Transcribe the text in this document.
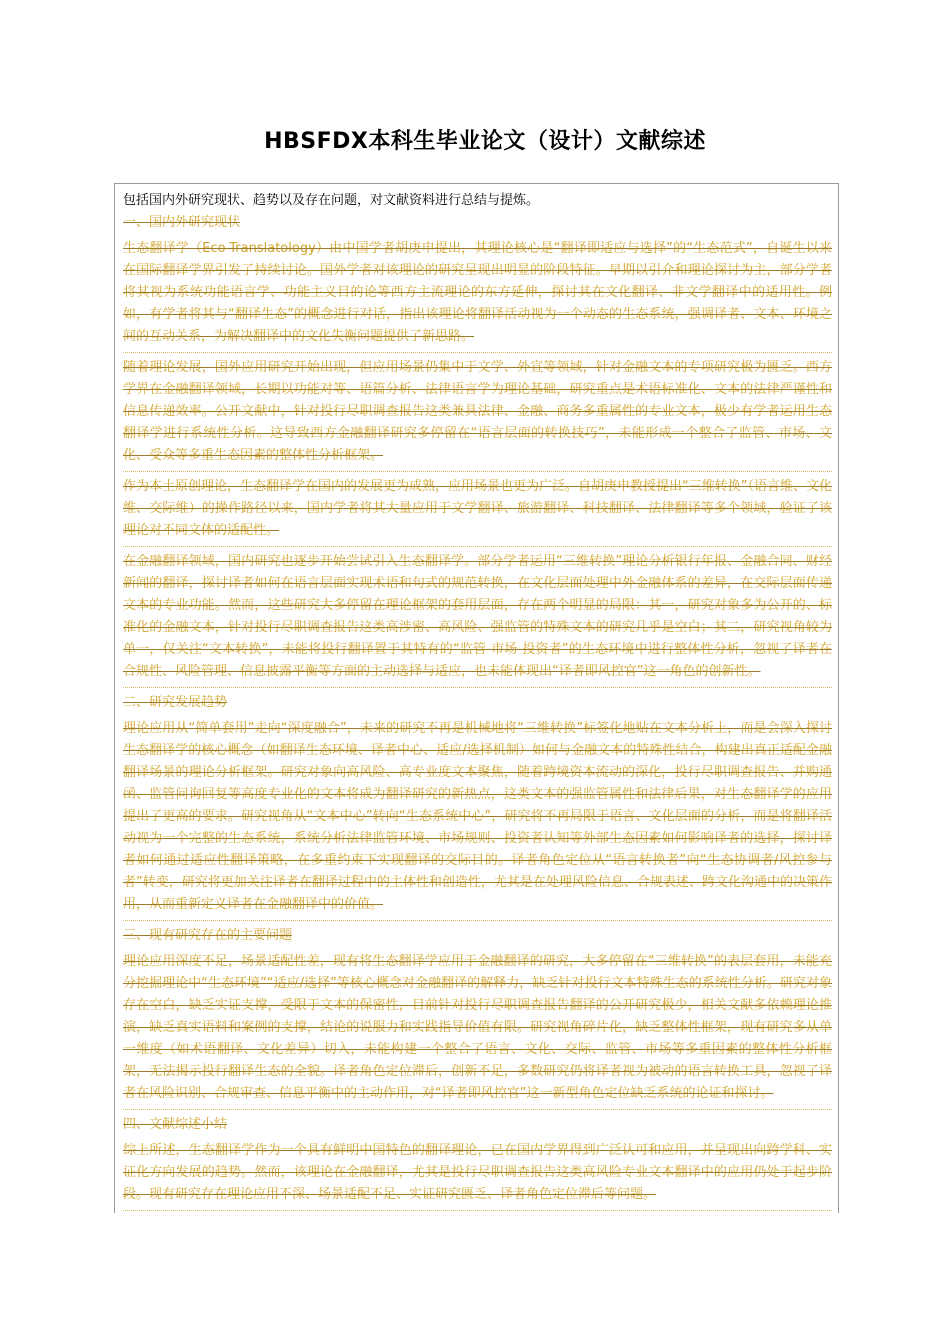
HBSFDX本科生毕业论文（设计）文献综述
包括国内外研究现状、趋势以及存在问题，对文献资料进行总结与提炼。
一、国内外研究现状

生态翻译学（Eco-Translatology）由中国学者胡庚申提出，其理论核心是“翻译即适应与选择”的“生态范式”，自诞生以来在国际翻译学界引发了持续讨论。国外学者对该理论的研究呈现出明显的阶段特征。早期以引介和理论探讨为主，部分学者将其视为系统功能语言学、功能主义目的论等西方主流理论的东方延伸，探讨其在文化翻译、非文学翻译中的适用性。例如，有学者将其与“翻译生态”的概念进行对话，指出该理论将翻译活动视为一个动态的生态系统，强调译者、文本、环境之间的互动关系，为解决翻译中的文化失衡问题提供了新思路。

随着理论发展，国外应用研究开始出现，但应用场景仍集中于文学、外宣等领域，针对金融文本的专项研究极为匮乏。西方学界在金融翻译领域，长期以功能对等、语篇分析、法律语言学为理论基础，研究重点是术语标准化、文本的法律严谨性和信息传递效率。公开文献中，针对投行尽职调查报告这类兼具法律、金融、商务多重属性的专业文本，极少有学者运用生态翻译学进行系统性分析。这导致西方金融翻译研究多停留在“语言层面的转换技巧”，未能形成一个整合了监管、市场、文化、受众等多重生态因素的整体性分析框架。

作为本土原创理论，生态翻译学在国内的发展更为成熟，应用场景也更为广泛。自胡庚申教授提出“三维转换”（语言维、文化维、交际维）的操作路径以来，国内学者将其大量应用于文学翻译、旅游翻译、科技翻译、法律翻译等多个领域，验证了该理论对不同文体的适配性。

在金融翻译领域，国内研究也逐步开始尝试引入生态翻译学。部分学者运用“三维转换”理论分析银行年报、金融合同、财经新闻的翻译，探讨译者如何在语言层面实现术语和句式的规范转换，在文化层面处理中外金融体系的差异，在交际层面传递文本的专业功能。然而，这些研究大多停留在理论框架的套用层面，存在两个明显的局限：其一，研究对象多为公开的、标准化的金融文本，针对投行尽职调查报告这类高涉密、高风险、强监管的特殊文本的研究几乎是空白；其二，研究视角较为单一，仅关注“文本转换”，未能将投行翻译置于其特有的“监管-市场-投资者”的生态环境中进行整体性分析，忽视了译者在合规性、风险管理、信息披露平衡等方面的主动选择与适应，也未能体现出“译者即风控官”这一角色的创新性。

二、研究发展趋势

理论应用从“简单套用”走向“深度融合”，未来的研究不再是机械地将“三维转换”标签化地贴在文本分析上，而是会深入探讨生态翻译学的核心概念（如翻译生态环境、译者中心、适应/选择机制）如何与金融文本的特殊性结合，构建出真正适配金融翻译场景的理论分析框架。研究对象向高风险、高专业度文本聚焦，随着跨境资本流动的深化，投行尽职调查报告、并购通函、监管问询回复等高度专业化的文本将成为翻译研究的新热点，这类文本的强监管属性和法律后果，对生态翻译学的应用提出了更高的要求。研究视角从“文本中心”转向“生态系统中心”，研究将不再局限于语言、文化层面的分析，而是将翻译活动视为一个完整的生态系统，系统分析法律监管环境、市场规则、投资者认知等外部生态因素如何影响译者的选择，探讨译者如何通过适应性翻译策略，在多重约束下实现翻译的交际目的。译者角色定位从“语言转换者”向“生态协调者/风控参与者”转变，研究将更加关注译者在翻译过程中的主体性和创造性，尤其是在处理风险信息、合规表述、跨文化沟通中的决策作用，从而重新定义译者在金融翻译中的价值。

三、现有研究存在的主要问题

理论应用深度不足，场景适配性差，现有将生态翻译学应用于金融翻译的研究，大多停留在“三维转换”的表层套用，未能充分挖掘理论中“生态环境”“适应/选择”等核心概念对金融翻译的解释力，缺乏针对投行文本特殊生态的系统性分析。研究对象存在空白，缺乏实证支撑，受限于文本的保密性，目前针对投行尽职调查报告翻译的公开研究极少，相关文献多依赖理论推演，缺乏真实语料和案例的支撑，结论的说服力和实践指导价值有限。研究视角碎片化，缺乏整体性框架，现有研究多从单一维度（如术语翻译、文化差异）切入，未能构建一个整合了语言、文化、交际、监管、市场等多重因素的整体性分析框架，无法揭示投行翻译生态的全貌。译者角色定位滞后，创新不足，多数研究仍将译者视为被动的语言转换工具，忽视了译者在风险识别、合规审查、信息平衡中的主动作用，对“译者即风控官”这一新型角色定位缺乏系统的论证和探讨。

四、文献综述小结

综上所述，生态翻译学作为一个具有鲜明中国特色的翻译理论，已在国内学界得到广泛认可和应用，并呈现出向跨学科、实证化方向发展的趋势。然而，该理论在金融翻译，尤其是投行尽职调查报告这类高风险专业文本翻译中的应用仍处于起步阶段。现有研究存在理论应用不深、场景适配不足、实证研究匮乏、译者角色定位滞后等问题。
